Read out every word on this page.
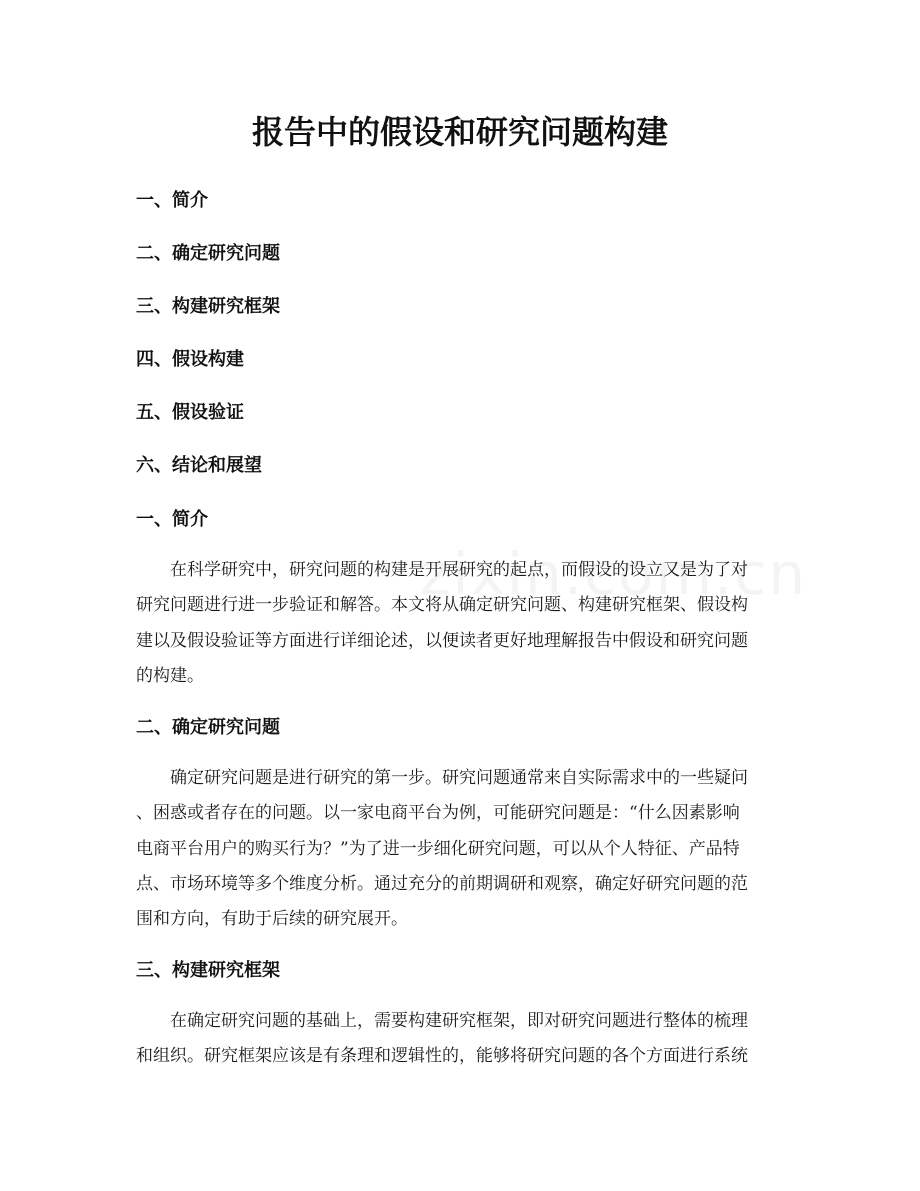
报告中的假设和研究问题构建
一、简介
二、确定研究问题
三、构建研究框架
四、假设构建
五、假设验证
六、结论和展望
一、简介
在科学研究中，研究问题的构建是开展研究的起点，而假设的设立又是为了对
研究问题进行进一步验证和解答。本文将从确定研究问题、构建研究框架、假设构
建以及假设验证等方面进行详细论述，以便读者更好地理解报告中假设和研究问题
的构建。
二、确定研究问题
确定研究问题是进行研究的第一步。研究问题通常来自实际需求中的一些疑问
、困惑或者存在的问题。以一家电商平台为例，可能研究问题是：“什么因素影响
电商平台用户的购买行为？”为了进一步细化研究问题，可以从个人特征、产品特
点、市场环境等多个维度分析。通过充分的前期调研和观察，确定好研究问题的范
围和方向，有助于后续的研究展开。
三、构建研究框架
在确定研究问题的基础上，需要构建研究框架，即对研究问题进行整体的梳理
和组织。研究框架应该是有条理和逻辑性的，能够将研究问题的各个方面进行系统
